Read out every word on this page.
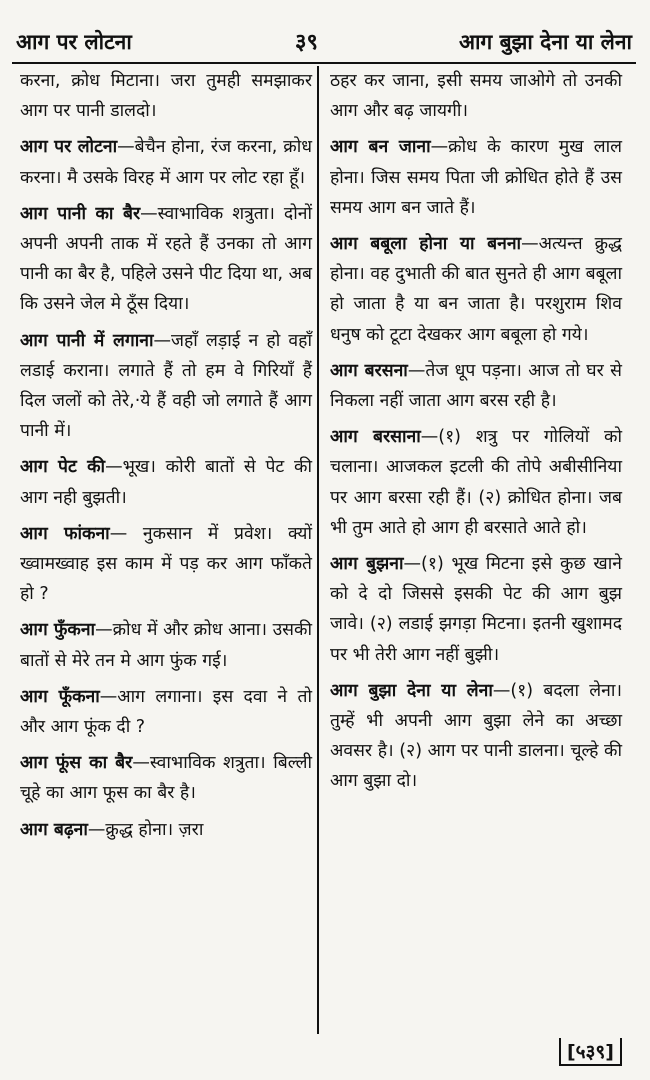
आग पर लोटना	३९	आग बुझा देना या लेना
करना, क्रोध मिटाना। जरा तुमही समझाकर आग पर पानी डालदो।
आग पर लोटना—बेचैन होना, रंज करना, क्रोध करना। मै उसके विरह में आग पर लोट रहा हूँ।
आग पानी का बैर—स्वाभाविक शत्रुता। दोनों अपनी अपनी ताक में रहते हैं उनका तो आग पानी का बैर है, पहिले उसने पीट दिया था, अब कि उसने जेल मे ठूँस दिया।
आग पानी में लगाना—जहाँ लड़ाई न हो वहाँ लडाई कराना। लगाते हैं तो हम वे गिरियाँ हैं दिल जलों को तेरे,·ये हैं वही जो लगाते हैं आग पानी में।
आग पेट की—भूख। कोरी बातों से पेट की आग नही बुझती।
आग फांकना— नुकसान में प्रवेश। क्यों ख्वामख्वाह इस काम में पड़ कर आग फाँकते हो ?
आग फुँकना—क्रोध में और क्रोध आना। उसकी बातों से मेरे तन मे आग फुंक गई।
आग फूँकना—आग लगाना। इस दवा ने तो और आग फूंक दी ?
आग फूंस का बैर—स्वाभाविक शत्रुता। बिल्ली चूहे का आग फूस का बैर है।
आग बढ़ना—क्रुद्ध होना। ज़रा
ठहर कर जाना, इसी समय जाओगे तो उनकी आग और बढ़ जायगी।
आग बन जाना—क्रोध के कारण मुख लाल होना। जिस समय पिता जी क्रोधित होते हैं उस समय आग बन जाते हैं।
आग बबूला होना या बनना—अत्यन्त क्रुद्ध होना। वह दुभाती की बात सुनते ही आग बबूला हो जाता है या बन जाता है। परशुराम शिव धनुष को टूटा देखकर आग बबूला हो गये।
आग बरसना—तेज धूप पड़ना। आज तो घर से निकला नहीं जाता आग बरस रही है।
आग बरसाना—(१) शत्रु पर गोलियों को चलाना। आजकल इटली की तोपे अबीसीनिया पर आग बरसा रही हैं। (२) क्रोधित होना। जब भी तुम आते हो आग ही बरसाते आते हो।
आग बुझना—(१) भूख मिटना इसे कुछ खाने को दे दो जिससे इसकी पेट की आग बुझ जावे। (२) लडाई झगड़ा मिटना। इतनी खुशामद पर भी तेरी आग नहीं बुझी।
आग बुझा देना या लेना—(१) बदला लेना। तुम्हें भी अपनी आग बुझा लेने का अच्छा अवसर है। (२) आग पर पानी डालना। चूल्हे की आग बुझा दो।
[५३९]
